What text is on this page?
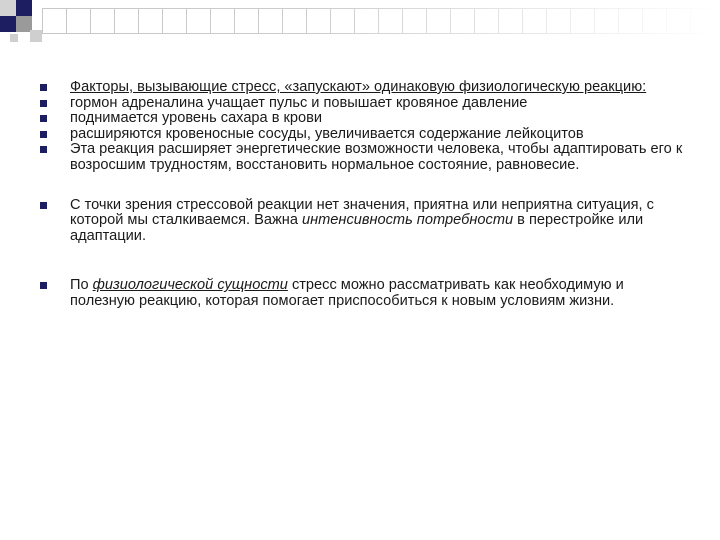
Факторы, вызывающие стресс, «запускают» одинаковую физиологическую реакцию:
гормон адреналина учащает пульс и повышает кровяное давление
поднимается уровень сахара в крови
расширяются кровеносные сосуды, увеличивается содержание лейкоцитов
Эта реакция расширяет энергетические возможности человека, чтобы адаптировать его к возросшим трудностям, восстановить нормальное состояние, равновесие.
С точки зрения стрессовой реакции нет значения, приятна или неприятна ситуация, с которой мы сталкиваемся. Важна интенсивность потребности в перестройке или адаптации.
По физиологической сущности стресс можно рассматривать как необходимую и полезную реакцию, которая помогает приспособиться к новым условиям жизни.
